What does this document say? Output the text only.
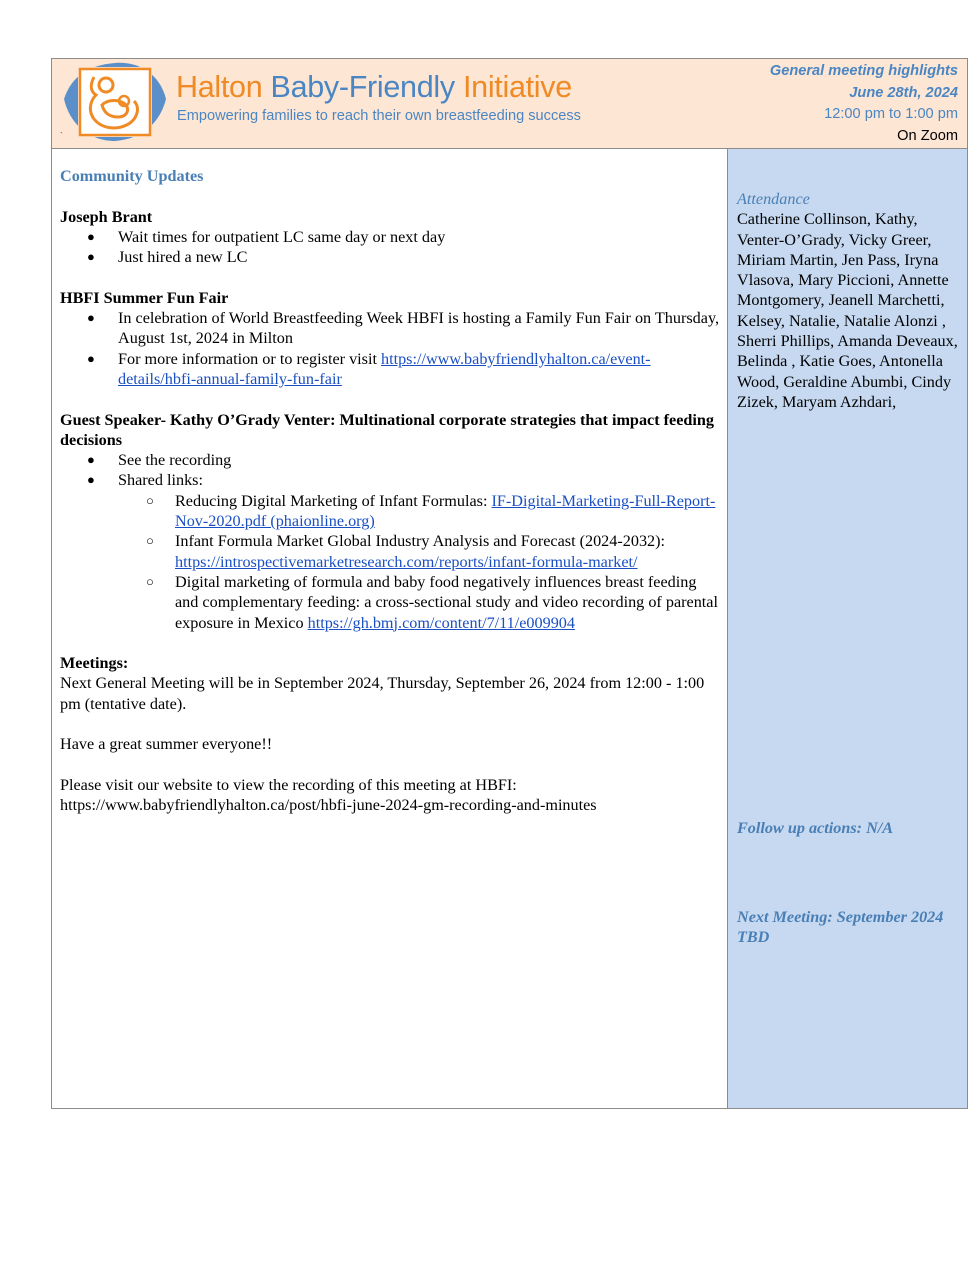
Halton Baby-Friendly Initiative
Empowering families to reach their own breastfeeding success
`
General meeting highlights
June 28th, 2024
12:00 pm to 1:00 pm
On Zoom
Community Updates
Joseph Brant
● Wait times for outpatient LC same day or next day
● Just hired a new LC
HBFI Summer Fun Fair
● In celebration of World Breastfeeding Week HBFI is hosting a Family Fun Fair on Thursday, August 1st, 2024 in Milton
● For more information or to register visit https://www.babyfriendlyhalton.ca/event-details/hbfi-annual-family-fun-fair
Guest Speaker- Kathy O’Grady Venter: Multinational corporate strategies that impact feeding decisions
● See the recording
● Shared links:
○ Reducing Digital Marketing of Infant Formulas: IF-Digital-Marketing-Full-Report-Nov-2020.pdf (phaionline.org)
○ Infant Formula Market Global Industry Analysis and Forecast (2024-2032): https://introspectivemarketresearch.com/reports/infant-formula-market/
○ Digital marketing of formula and baby food negatively influences breast feeding and complementary feeding: a cross-sectional study and video recording of parental exposure in Mexico https://gh.bmj.com/content/7/11/e009904
Meetings:
Next General Meeting will be in September 2024, Thursday, September 26, 2024 from 12:00 - 1:00 pm (tentative date).
Have a great summer everyone!!
Please visit our website to view the recording of this meeting at HBFI:
https://www.babyfriendlyhalton.ca/post/hbfi-june-2024-gm-recording-and-minutes
Attendance
Catherine Collinson, Kathy, Venter-O’Grady, Vicky Greer, Miriam Martin, Jen Pass, Iryna Vlasova, Mary Piccioni, Annette Montgomery, Jeanell Marchetti, Kelsey, Natalie, Natalie Alonzi , Sherri Phillips, Amanda Deveaux, Belinda , Katie Goes, Antonella Wood, Geraldine Abumbi, Cindy Zizek, Maryam Azhdari,
Follow up actions: N/A
Next Meeting: September 2024 TBD
